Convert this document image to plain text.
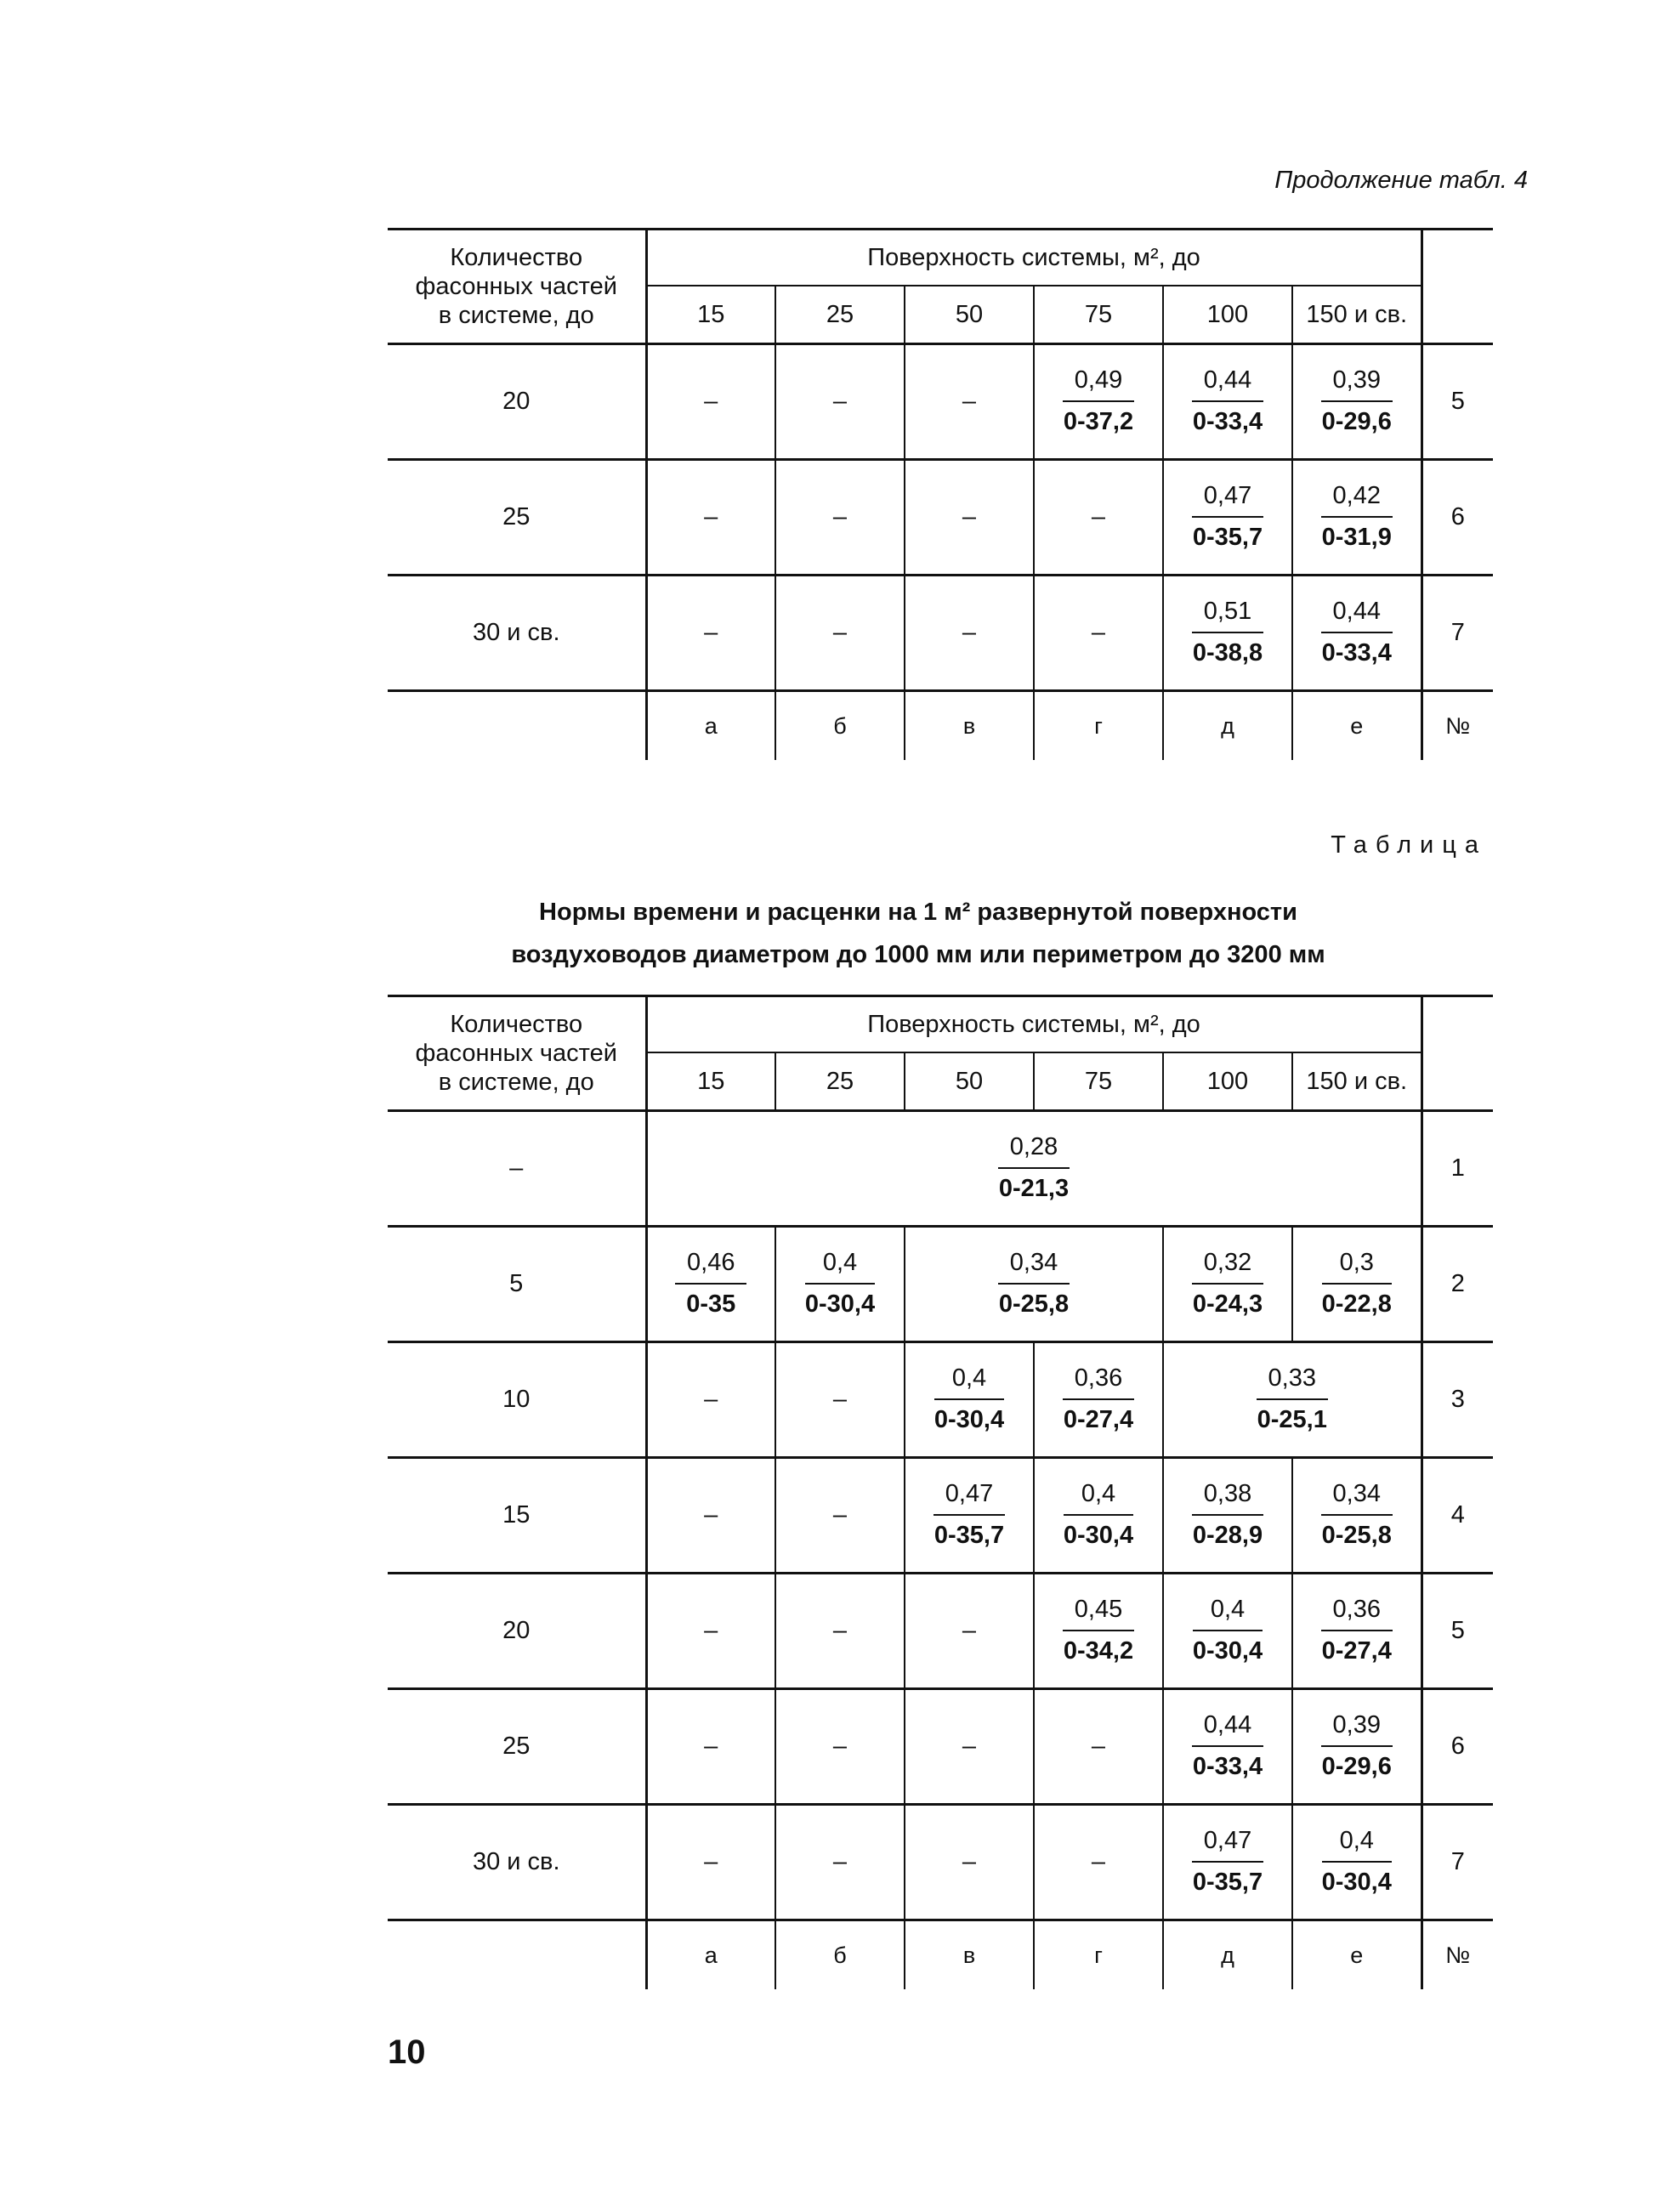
Продолжение табл. 4
Количество
фасонных частей
в системе, до	Поверхность системы, м², до						
	15	25	50	75	100	150 и св.	
20	–	–	–	$\frac{0,49}{0-37,2}$	$\frac{0,44}{0-33,4}$	$\frac{0,39}{0-29,6}$	5
25	–	–	–	–	$\frac{0,47}{0-35,7}$	$\frac{0,42}{0-31,9}$	6
30 и св.	–	–	–	–	$\frac{0,51}{0-38,8}$	$\frac{0,44}{0-33,4}$	7
	а	б	в	г	д	е	№
Таблица
Нормы времени и расценки на 1 м² развернутой поверхности
воздуховодов диаметром до 1000 мм или периметром до 3200 мм
Количество
фасонных частей
в системе, до	Поверхность системы, м², до						
	15	25	50	75	100	150 и св.	
–	$\frac{0,28}{0-21,3}$						1
5	$\frac{0,46}{0-35}$	$\frac{0,4}{0-30,4}$	$\frac{0,34}{0-25,8}$		$\frac{0,32}{0-24,3}$	$\frac{0,3}{0-22,8}$	2
10	–	–	$\frac{0,4}{0-30,4}$	$\frac{0,36}{0-27,4}$	$\frac{0,33}{0-25,1}$		3
15	–	–	$\frac{0,47}{0-35,7}$	$\frac{0,4}{0-30,4}$	$\frac{0,38}{0-28,9}$	$\frac{0,34}{0-25,8}$	4
20	–	–	–	$\frac{0,45}{0-34,2}$	$\frac{0,4}{0-30,4}$	$\frac{0,36}{0-27,4}$	5
25	–	–	–	–	$\frac{0,44}{0-33,4}$	$\frac{0,39}{0-29,6}$	6
30 и св.	–	–	–	–	$\frac{0,47}{0-35,7}$	$\frac{0,4}{0-30,4}$	7
	а	б	в	г	д	е	№
10
